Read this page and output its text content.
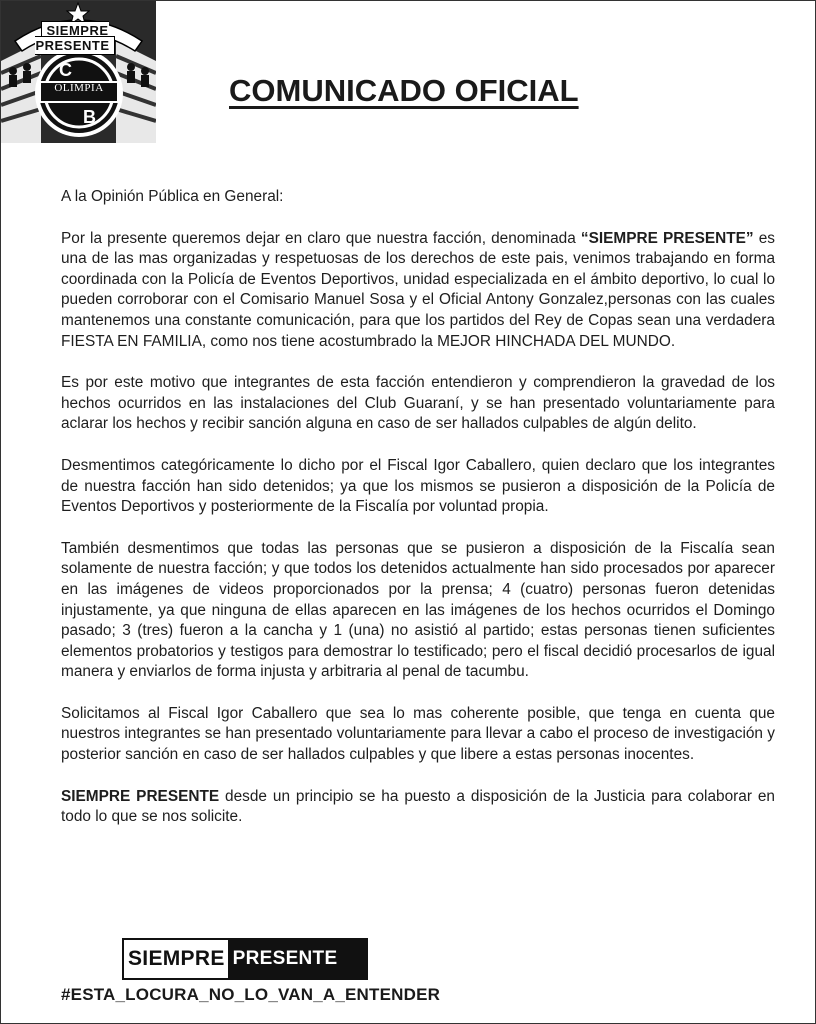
C
B
SIEMPRE PRESENTE
OLIMPIA	COMUNICADO OFICIAL

A la Opinión Pública en General:

Por la presente queremos dejar en claro que nuestra facción, denominada “SIEMPRE PRESENTE” es una de las mas organizadas y respetuosas de los derechos de este pais, venimos trabajando en forma coordinada con la Policía de Eventos Deportivos, unidad especializada en el ámbito deportivo, lo cual lo pueden corroborar con el Comisario Manuel Sosa y el Oficial Antony Gonzalez,personas con las cuales mantenemos una constante comunicación, para que los partidos del Rey de Copas sean una verdadera FIESTA EN FAMILIA, como nos tiene acostumbrado la MEJOR HINCHADA DEL MUNDO.

Es por este motivo que integrantes de esta facción entendieron y comprendieron la gravedad de los hechos ocurridos en las instalaciones del Club Guaraní, y se han presentado voluntariamente para aclarar los hechos y recibir sanción alguna en caso de ser hallados culpables de algún delito.

Desmentimos categóricamente lo dicho por el Fiscal Igor Caballero, quien declaro que los integrantes de nuestra facción han sido detenidos; ya que los mismos se pusieron a disposición de la Policía de Eventos Deportivos y posteriormente de la Fiscalía por voluntad propia.

También desmentimos que todas las personas que se pusieron a disposición de la Fiscalía sean solamente de nuestra facción; y que todos los detenidos actualmente han sido procesados por aparecer en las imágenes de videos proporcionados por la prensa; 4 (cuatro) personas fueron detenidas injustamente, ya que ninguna de ellas aparecen en las imágenes de los hechos ocurridos el Domingo pasado; 3 (tres) fueron a la cancha y 1 (una) no asistió al partido; estas personas tienen suficientes elementos probatorios y testigos para demostrar lo testificado; pero el fiscal decidió procesarlos de igual manera y enviarlos de forma injusta y arbitraria al penal de tacumbu.

Solicitamos al Fiscal Igor Caballero que sea lo mas coherente posible, que tenga en cuenta que nuestros integrantes se han presentado voluntariamente para llevar a cabo el proceso de investigación y posterior sanción en caso de ser hallados culpables y que libere a estas personas inocentes.

SIEMPRE PRESENTE desde un principio se ha puesto a disposición de la Justicia para colaborar en todo lo que se nos solicite.

SIEMPRE PRESENTE
#ESTA_LOCURA_NO_LO_VAN_A_ENTENDER
